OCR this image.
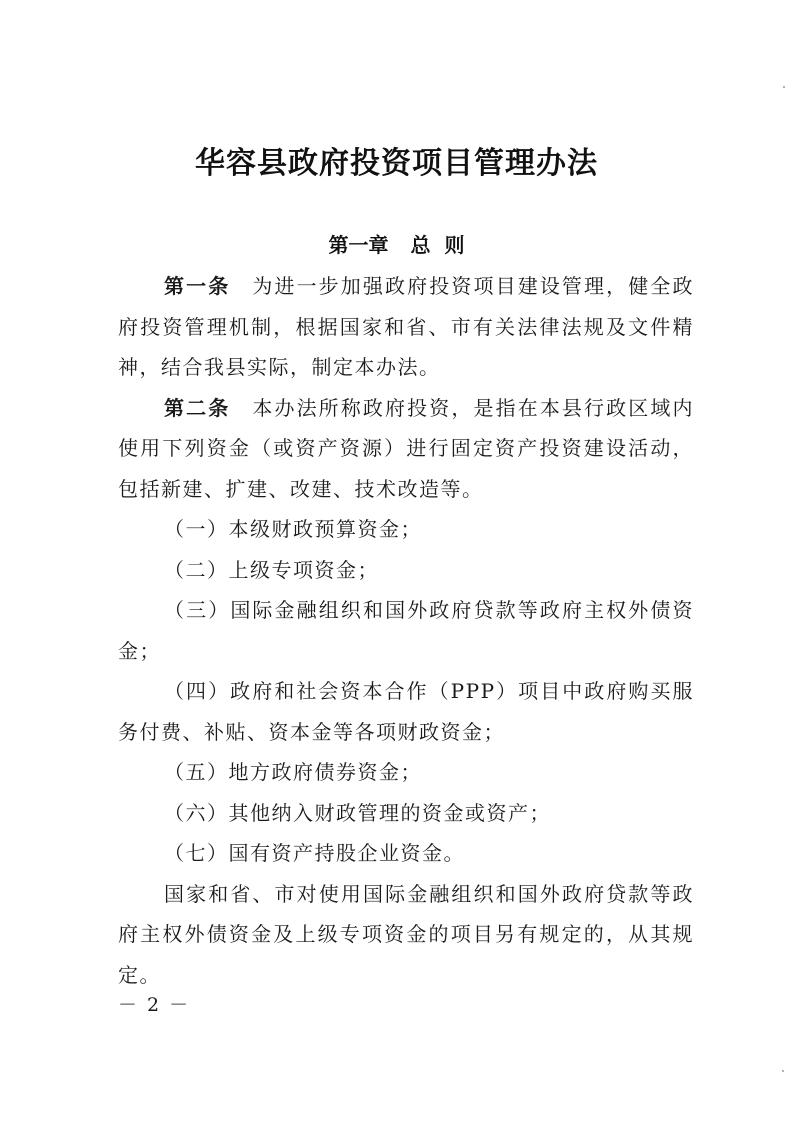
华容县政府投资项目管理办法
第一章 总  则

第一条 为进一步加强政府投资项目建设管理，健全政府投资管理机制，根据国家和省、市有关法律法规及文件精神，结合我县实际，制定本办法。

第二条 本办法所称政府投资，是指在本县行政区域内使用下列资金（或资产资源）进行固定资产投资建设活动，包括新建、扩建、改建、技术改造等。

（一）本级财政预算资金；

（二）上级专项资金；

（三）国际金融组织和国外政府贷款等政府主权外债资金；

（四）政府和社会资本合作（PPP）项目中政府购买服务付费、补贴、资本金等各项财政资金；

（五）地方政府债券资金；

（六）其他纳入财政管理的资金或资产；

（七）国有资产持股企业资金。

国家和省、市对使用国际金融组织和国外政府贷款等政府主权外债资金及上级专项资金的项目另有规定的，从其规定。

－ 2 －
